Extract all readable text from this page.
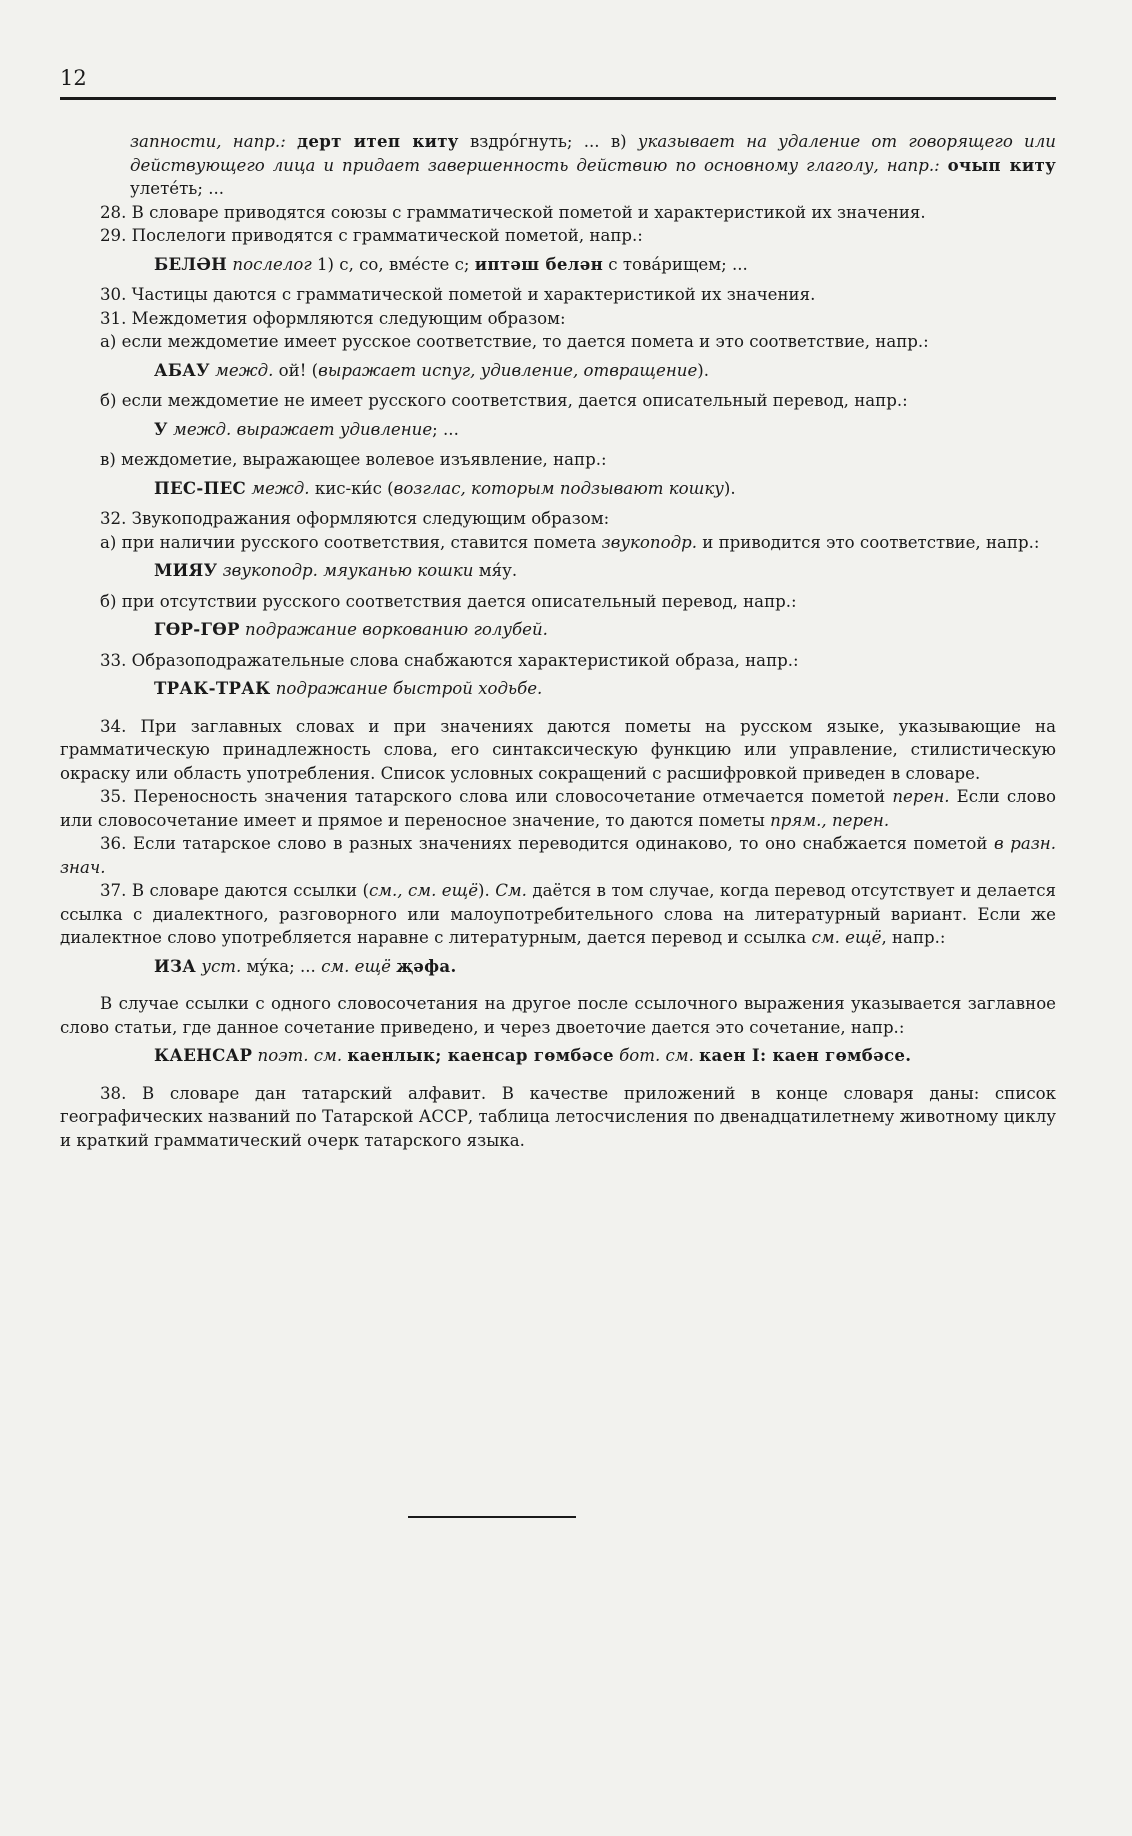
12

запности, напр.: дерт итеп киту вздрóгнуть; ... в) указывает на удаление от говорящего или действующего лица и придает завершенность действию по основному глаголу, напр.: очып киту улетéть; ...

28. В словаре приводятся союзы с грамматической пометой и характеристикой их значения.

29. Послелоги приводятся с грамматической пометой, напр.:

БЕЛӘН послелог 1) с, со, вмéсте с; иптәш белән с товáрищем; ...

30. Частицы даются с грамматической пометой и характеристикой их значения.

31. Междометия оформляются следующим образом:

а) если междометие имеет русское соответствие, то дается помета и это соответствие, напр.:

АБАУ межд. ой! (выражает испуг, удивление, отвращение).

б) если междометие не имеет русского соответствия, дается описательный перевод, напр.:

У межд. выражает удивление; ...

в) междометие, выражающее волевое изъявление, напр.:

ПЕС-ПЕС межд. кис-ки́с (возглас, которым подзывают кошку).

32. Звукоподражания оформляются следующим образом:

а) при наличии русского соответствия, ставится помета звукоподр. и приводится это соответствие, напр.:

МИЯУ звукоподр. мяуканью кошки мя́у.

б) при отсутствии русского соответствия дается описательный перевод, напр.:

ГӨР-ГӨР подражание воркованию голубей.

33. Образоподражательные слова снабжаются характеристикой образа, напр.:

ТРАК-ТРАК подражание быстрой ходьбе.

34. При заглавных словах и при значениях даются пометы на русском языке, указывающие на грамматическую принадлежность слова, его синтаксическую функцию или управление, стилистическую окраску или область употребления. Список условных сокращений с расшифровкой приведен в словаре.

35. Переносность значения татарского слова или словосочетание отмечается пометой перен. Если слово или словосочетание имеет и прямое и переносное значение, то даются пометы прям., перен.

36. Если татарское слово в разных значениях переводится одинаково, то оно снабжается пометой в разн. знач.

37. В словаре даются ссылки (см., см. ещё). См. даётся в том случае, когда перевод отсутствует и делается ссылка с диалектного, разговорного или малоупотребительного слова на литературный вариант. Если же диалектное слово употребляется наравне с литературным, дается перевод и ссылка см. ещё, напр.:

ИЗА уст. мýка; ... см. ещё җәфа.

В случае ссылки с одного словосочетания на другое после ссылочного выражения указывается заглавное слово статьи, где данное сочетание приведено, и через двоеточие дается это сочетание, напр.:

КАЕНСАР поэт. см. каенлык; каенсар гөмбәсе бот. см. каен I: каен гөмбәсе.

38. В словаре дан татарский алфавит. В качестве приложений в конце словаря даны: список географических названий по Татарской АССР, таблица летосчисления по двенадцатилетнему животному циклу и краткий грамматический очерк татарского языка.
